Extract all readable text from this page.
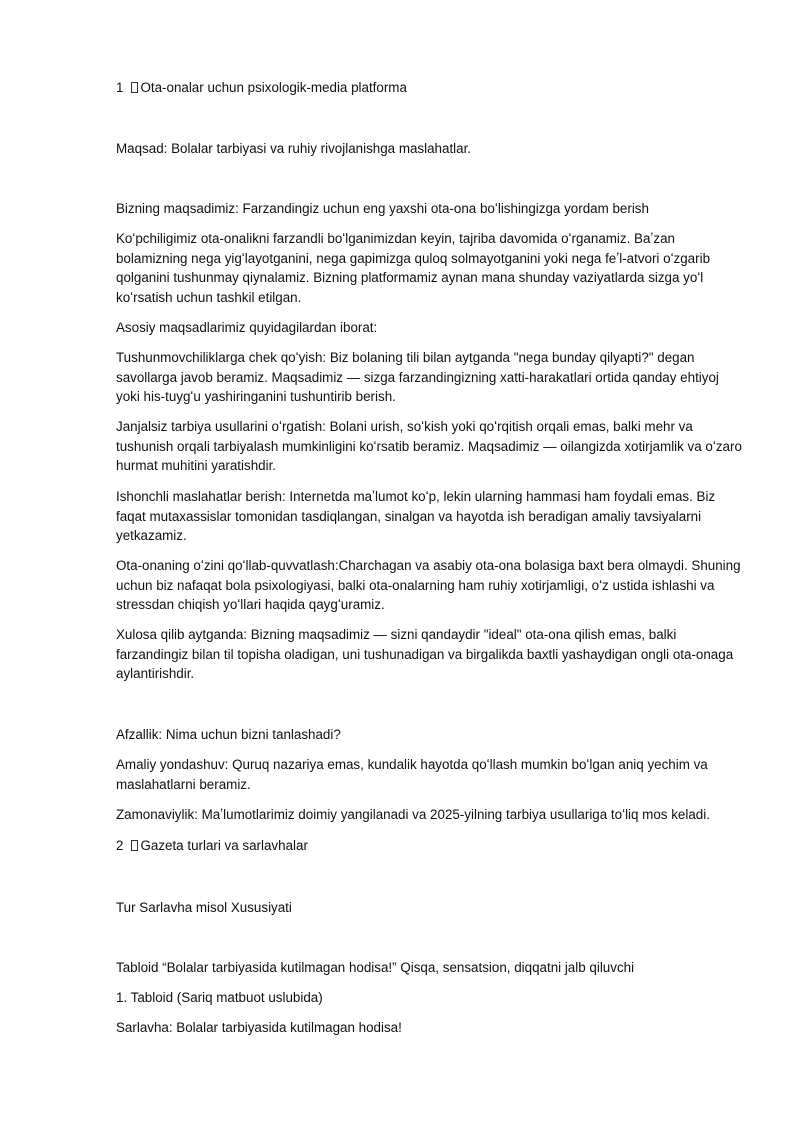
1 Ota-onalar uchun psixologik-media platforma

Maqsad: Bolalar tarbiyasi va ruhiy rivojlanishga maslahatlar.

Bizning maqsadimiz: Farzandingiz uchun eng yaxshi ota-ona boʻlishingizga yordam berish

Koʻpchiligimiz ota-onalikni farzandli boʻlganimizdan keyin, tajriba davomida oʻrganamiz. Baʼzan bolamizning nega yigʻlayotganini, nega gapimizga quloq solmayotganini yoki nega feʼl-atvori oʻzgarib qolganini tushunmay qiynalamiz. Bizning platformamiz aynan mana shunday vaziyatlarda sizga yoʻl koʻrsatish uchun tashkil etilgan.

Asosiy maqsadlarimiz quyidagilardan iborat:

Tushunmovchiliklarga chek qoʻyish: Biz bolaning tili bilan aytganda "nega bunday qilyapti?" degan savollarga javob beramiz. Maqsadimiz — sizga farzandingizning xatti-harakatlari ortida qanday ehtiyoj yoki his-tuygʻu yashiringanini tushuntirib berish.

Janjalsiz tarbiya usullarini oʻrgatish: Bolani urish, soʻkish yoki qoʻrqitish orqali emas, balki mehr va tushunish orqali tarbiyalash mumkinligini koʻrsatib beramiz. Maqsadimiz — oilangizda xotirjamlik va oʻzaro hurmat muhitini yaratishdir.

Ishonchli maslahatlar berish: Internetda maʼlumot koʻp, lekin ularning hammasi ham foydali emas. Biz faqat mutaxassislar tomonidan tasdiqlangan, sinalgan va hayotda ish beradigan amaliy tavsiyalarni yetkazamiz.

Ota-onaning oʻzini qoʻllab-quvvatlash:Charchagan va asabiy ota-ona bolasiga baxt bera olmaydi. Shuning uchun biz nafaqat bola psixologiyasi, balki ota-onalarning ham ruhiy xotirjamligi, oʻz ustida ishlashi va stressdan chiqish yoʻllari haqida qaygʻuramiz.

Xulosa qilib aytganda: Bizning maqsadimiz — sizni qandaydir "ideal" ota-ona qilish emas, balki farzandingiz bilan til topisha oladigan, uni tushunadigan va birgalikda baxtli yashaydigan ongli ota-onaga aylantirishdir.

Afzallik: Nima uchun bizni tanlashadi?

Amaliy yondashuv: Quruq nazariya emas, kundalik hayotda qoʻllash mumkin boʻlgan aniq yechim va maslahatlarni beramiz.

Zamonaviylik: Maʼlumotlarimiz doimiy yangilanadi va 2025-yilning tarbiya usullariga toʻliq mos keladi.

2 Gazeta turlari va sarlavhalar

Tur Sarlavha misol Xususiyati

Tabloid “Bolalar tarbiyasida kutilmagan hodisa!” Qisqa, sensatsion, diqqatni jalb qiluvchi

1. Tabloid (Sariq matbuot uslubida)

Sarlavha: Bolalar tarbiyasida kutilmagan hodisa!
